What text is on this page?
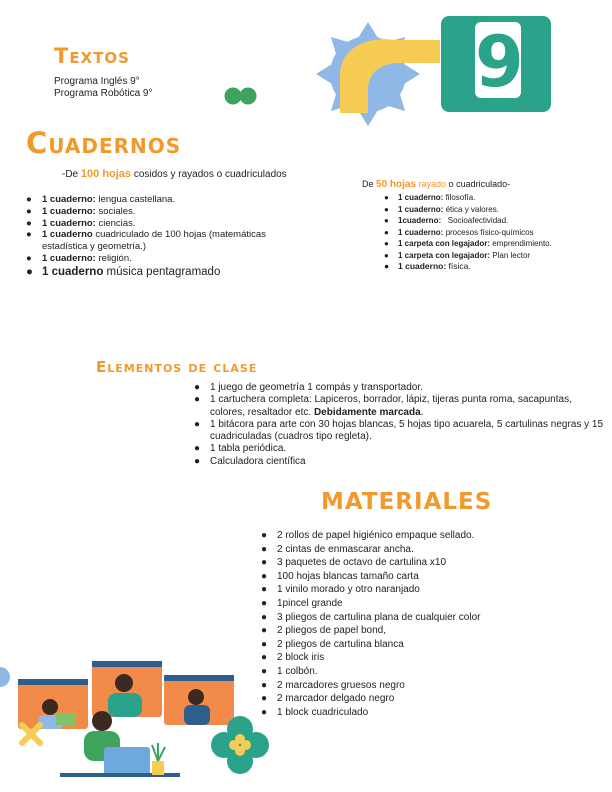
9
Textos
Programa Inglés 9°
Programa Robótica 9°
Cuadernos
-De 100 hojas cosidos y rayados o cuadriculados
● 1 cuaderno: lengua castellana.
● 1 cuaderno: sociales.
● 1 cuaderno: ciencias.
● 1 cuaderno cuadriculado de 100 hojas (matemáticas estadística y geometría.)
● 1 cuaderno: religión.
● 1 cuaderno música pentagramado
De 50 hojas rayado o cuadriculado-
● 1 cuaderno: filosofía.
● 1 cuaderno: ética y valores.
● 1cuaderno:   Socioafectividad.
● 1 cuaderno: procesos físico-químicos
● 1 carpeta con legajador: emprendimiento.
● 1 carpeta con legajador: Plan lector
● 1 cuaderno: física.
Elementos de clase
● 1 juego de geometría 1 compás y transportador.
● 1 cartuchera completa: Lapiceros, borrador, lápiz, tijeras punta roma, sacapuntas, colores, resaltador etc. Debidamente marcada.
● 1 bitácora para arte con 30 hojas blancas, 5 hojas tipo acuarela, 5 cartulinas negras y 15 cuadriculadas (cuadros tipo regleta).
● 1 tabla periódica.
● Calculadora científica
MATERIALES
● 2 rollos de papel higiénico empaque sellado.
● 2 cintas de enmascarar ancha.
● 3 paquetes de octavo de cartulina x10
● 100 hojas blancas tamaño carta
● 1 vinilo morado y otro naranjado
● 1pincel grande
● 3 pliegos de cartulina plana de cualquier color
● 2 pliegos de papel bond,
● 2 pliegos de cartulina blanca
● 2 block iris
● 1 colbón.
● 2 marcadores gruesos negro
● 2 marcador delgado negro
● 1 block cuadriculado
